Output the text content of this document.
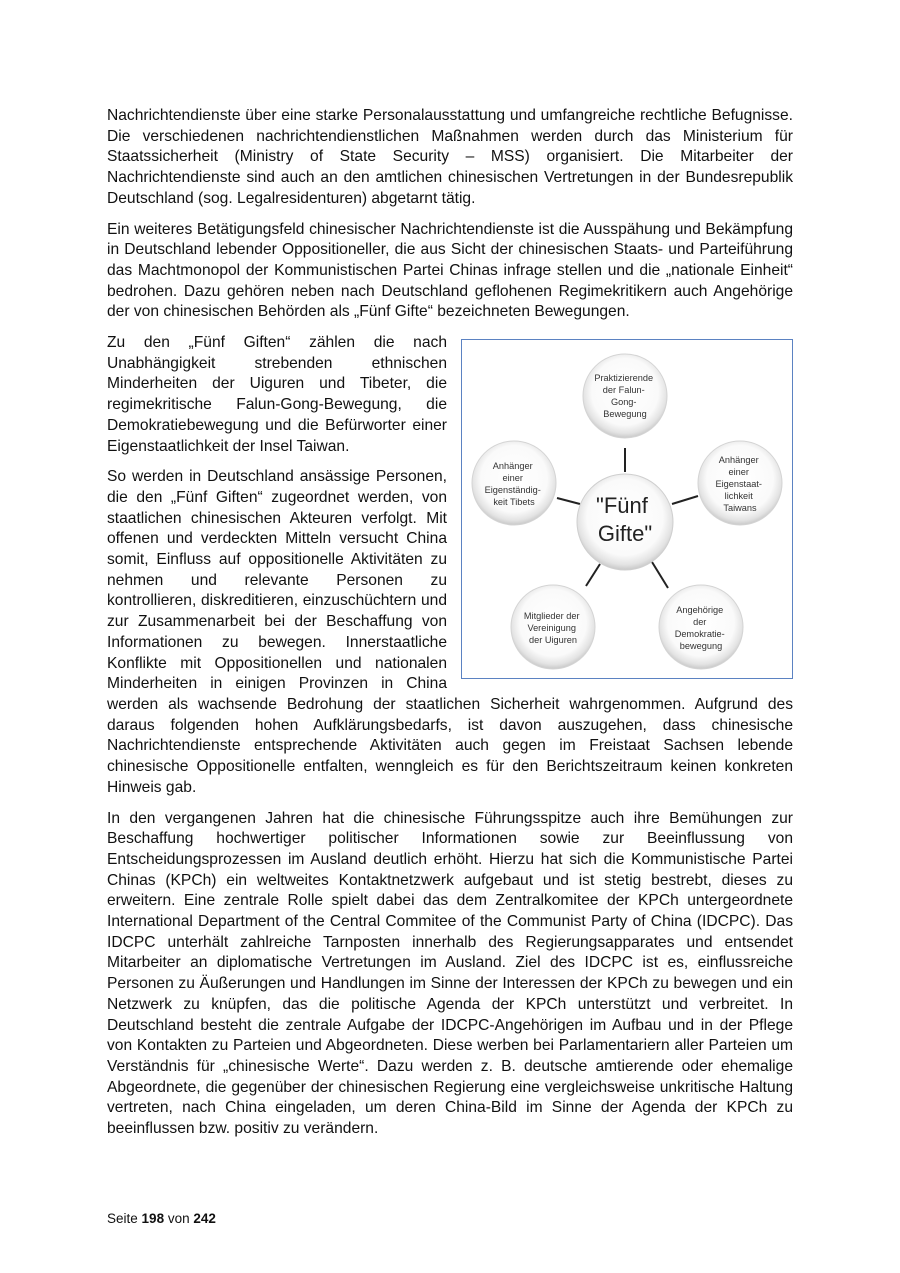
Nachrichtendienste über eine starke Personalausstattung und umfangreiche rechtliche Befugnisse. Die verschiedenen nachrichtendienstlichen Maßnahmen werden durch das Ministerium für Staatssicherheit (Ministry of State Security – MSS) organisiert. Die Mitarbeiter der Nachrichtendienste sind auch an den amtlichen chinesischen Vertretungen in der Bundesrepublik Deutschland (sog. Legalresidenturen) abgetarnt tätig.

Ein weiteres Betätigungsfeld chinesischer Nachrichtendienste ist die Ausspähung und Bekämpfung in Deutschland lebender Oppositioneller, die aus Sicht der chinesischen Staats- und Parteiführung das Machtmonopol der Kommunistischen Partei Chinas infrage stellen und die „nationale Einheit“ bedrohen. Dazu gehören neben nach Deutschland geflohenen Regimekritikern auch Angehörige der von chinesischen Behörden als „Fünf Gifte“ bezeichneten Bewegungen.

"Fünf Gifte"
Praktizierende der Falun- Gong- Bewegung
Anhänger einer Eigenstaat- lichkeit Taiwans
Angehörige der Demokratie- bewegung
Mitglieder der Vereinigung der Uiguren
Anhänger einer Eigenständig- keit Tibets

Zu den „Fünf Giften“ zählen die nach Unabhängigkeit strebenden ethnischen Minderheiten der Uiguren und Tibeter, die regimekritische Falun-Gong-Bewegung, die Demokratiebewegung und die Befürworter einer Eigenstaatlichkeit der Insel Taiwan.

So werden in Deutschland ansässige Personen, die den „Fünf Giften“ zugeordnet werden, von staatlichen chinesischen Akteuren verfolgt. Mit offenen und verdeckten Mitteln versucht China somit, Einfluss auf oppositionelle Aktivitäten zu nehmen und relevante Personen zu kontrollieren, diskreditieren, einzuschüchtern und zur Zusammenarbeit bei der Beschaffung von Informationen zu bewegen. Innerstaatliche Konflikte mit Oppositionellen und nationalen Minderheiten in einigen Provinzen in China werden als wachsende Bedrohung der staatlichen Sicherheit wahrgenommen. Aufgrund des daraus folgenden hohen Aufklärungsbedarfs, ist davon auszugehen, dass chinesische Nachrichtendienste entsprechende Aktivitäten auch gegen im Freistaat Sachsen lebende chinesische Oppositionelle entfalten, wenngleich es für den Berichtszeitraum keinen konkreten Hinweis gab.

In den vergangenen Jahren hat die chinesische Führungsspitze auch ihre Bemühungen zur Beschaffung hochwertiger politischer Informationen sowie zur Beeinflussung von Entscheidungsprozessen im Ausland deutlich erhöht. Hierzu hat sich die Kommunistische Partei Chinas (KPCh) ein weltweites Kontaktnetzwerk aufgebaut und ist stetig bestrebt, dieses zu erweitern. Eine zentrale Rolle spielt dabei das dem Zentralkomitee der KPCh untergeordnete International Department of the Central Commitee of the Communist Party of China (IDCPC). Das IDCPC unterhält zahlreiche Tarnposten innerhalb des Regierungsapparates und entsendet Mitarbeiter an diplomatische Vertretungen im Ausland. Ziel des IDCPC ist es, einflussreiche Personen zu Äußerungen und Handlungen im Sinne der Interessen der KPCh zu bewegen und ein Netzwerk zu knüpfen, das die politische Agenda der KPCh unterstützt und verbreitet. In Deutschland besteht die zentrale Aufgabe der IDCPC-Angehörigen im Aufbau und in der Pflege von Kontakten zu Parteien und Abgeordneten. Diese werben bei Parlamentariern aller Parteien um Verständnis für „chinesische Werte“. Dazu werden z. B. deutsche amtierende oder ehemalige Abgeordnete, die gegenüber der chinesischen Regierung eine vergleichsweise unkritische Haltung vertreten, nach China eingeladen, um deren China-Bild im Sinne der Agenda der KPCh zu beeinflussen bzw. positiv zu verändern.

Seite 198 von 242
